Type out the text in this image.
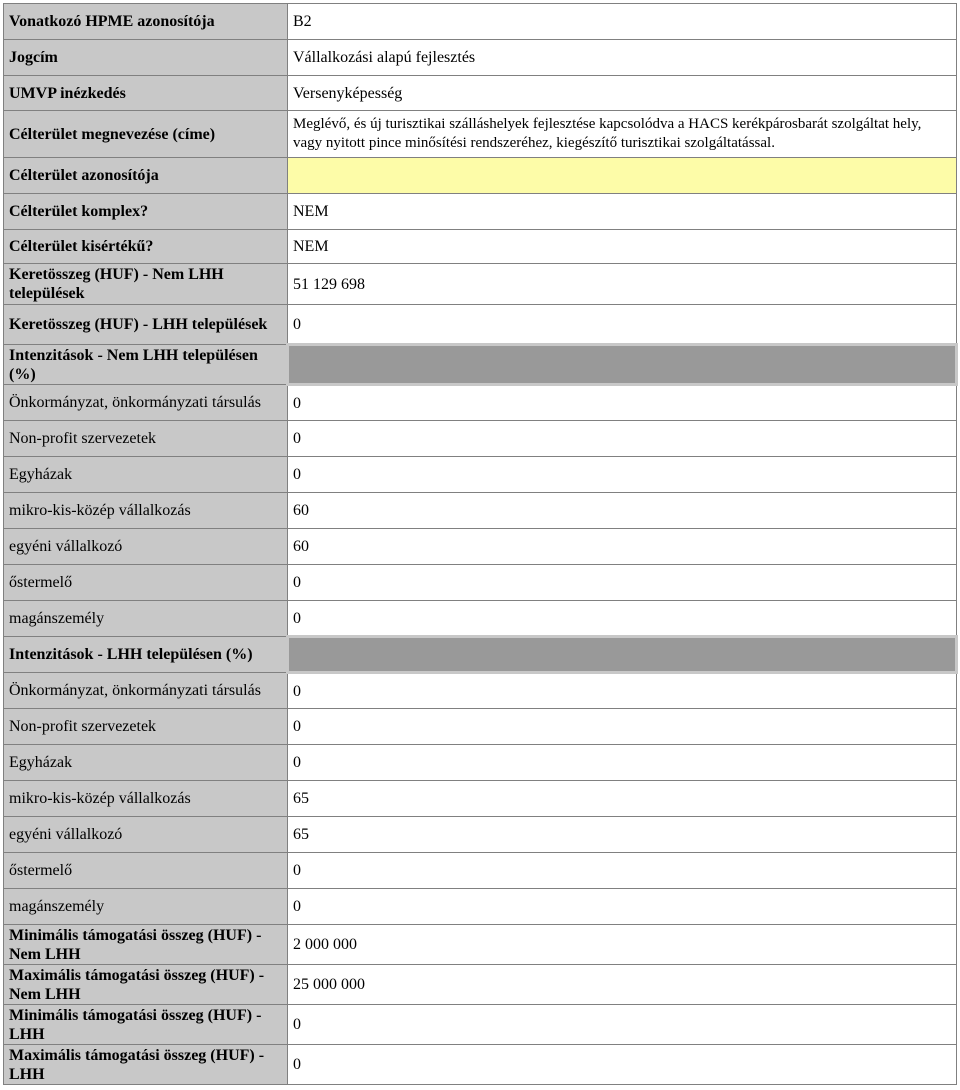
Vonatkozó HPME azonosítója	B2
Jogcím	Vállalkozási alapú fejlesztés
UMVP inézkedés	Versenyképesség
Célterület megnevezése (címe)	Meglévő, és új turisztikai szálláshelyek fejlesztése kapcsolódva a HACS kerékpárosbarát szolgáltat hely, vagy nyitott pince minősítési rendszeréhez, kiegészítő turisztikai szolgáltatással.
Célterület azonosítója	
Célterület komplex?	NEM
Célterület kisértékű?	NEM
Keretösszeg (HUF) - Nem LHH települések	51 129 698
Keretösszeg (HUF) - LHH települések	0
Intenzitások - Nem LHH településen (%)	
Önkormányzat, önkormányzati társulás	0
Non-profit szervezetek	0
Egyházak	0
mikro-kis-közép vállalkozás	60
egyéni vállalkozó	60
őstermelő	0
magánszemély	0
Intenzitások - LHH településen (%)	
Önkormányzat, önkormányzati társulás	0
Non-profit szervezetek	0
Egyházak	0
mikro-kis-közép vállalkozás	65
egyéni vállalkozó	65
őstermelő	0
magánszemély	0
Minimális támogatási összeg (HUF) - Nem LHH	2 000 000
Maximális támogatási összeg (HUF) - Nem LHH	25 000 000
Minimális támogatási összeg (HUF) - LHH	0
Maximális támogatási összeg (HUF) - LHH	0
